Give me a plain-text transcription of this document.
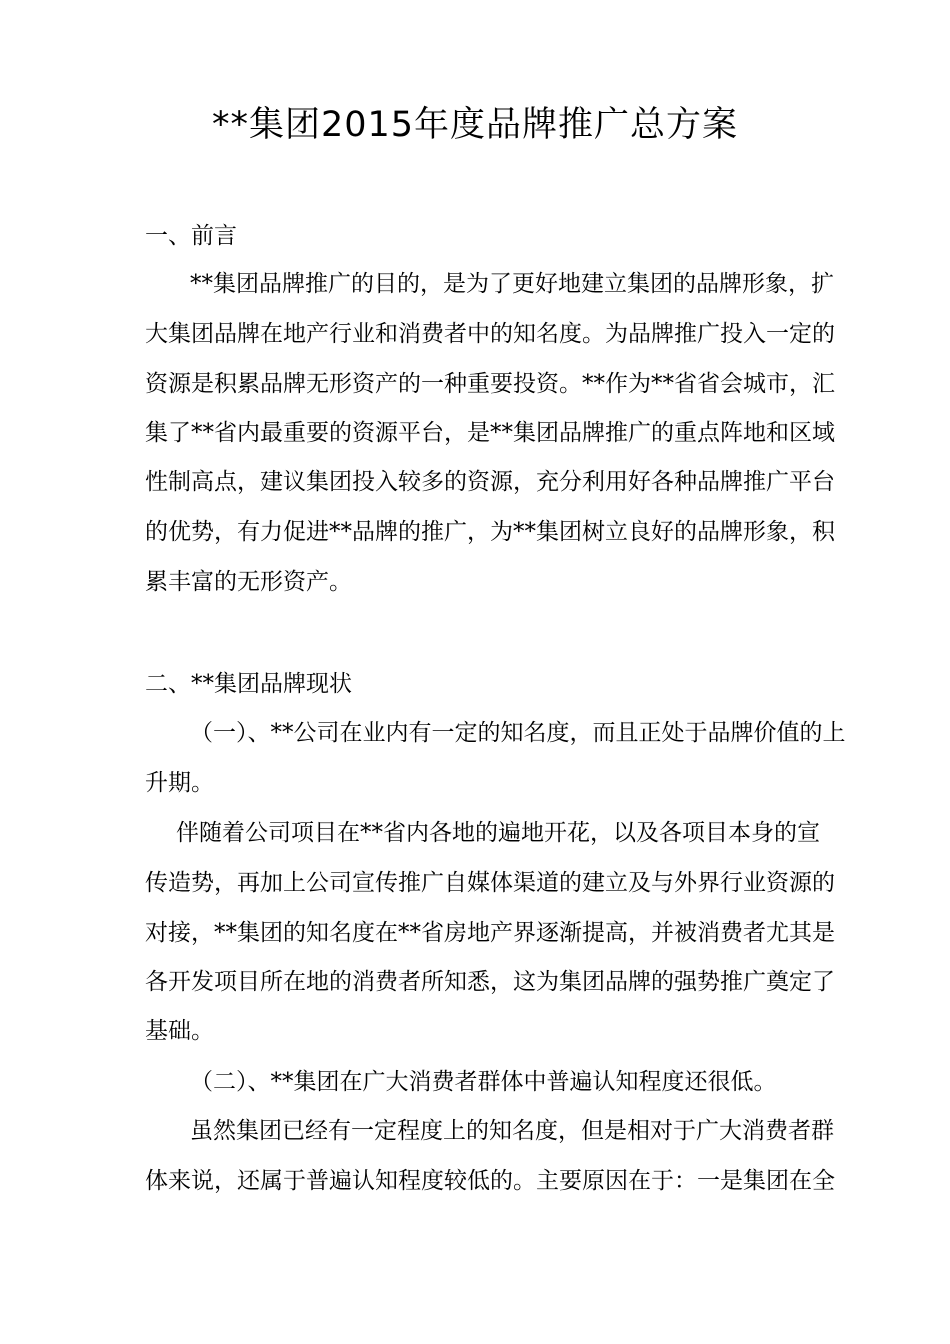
**集团2015年度品牌推广总方案
一、前言
**集团品牌推广的目的，是为了更好地建立集团的品牌形象，扩
大集团品牌在地产行业和消费者中的知名度。为品牌推广投入一定的
资源是积累品牌无形资产的一种重要投资。**作为**省省会城市，汇
集了**省内最重要的资源平台，是**集团品牌推广的重点阵地和区域
性制高点，建议集团投入较多的资源，充分利用好各种品牌推广平台
的优势，有力促进**品牌的推广，为**集团树立良好的品牌形象，积
累丰富的无形资产。
二、**集团品牌现状
（一）、**公司在业内有一定的知名度，而且正处于品牌价值的上
升期。
伴随着公司项目在**省内各地的遍地开花，以及各项目本身的宣
传造势，再加上公司宣传推广自媒体渠道的建立及与外界行业资源的
对接，**集团的知名度在**省房地产界逐渐提高，并被消费者尤其是
各开发项目所在地的消费者所知悉，这为集团品牌的强势推广奠定了
基础。
（二）、**集团在广大消费者群体中普遍认知程度还很低。
虽然集团已经有一定程度上的知名度，但是相对于广大消费者群
体来说，还属于普遍认知程度较低的。主要原因在于：一是集团在全
